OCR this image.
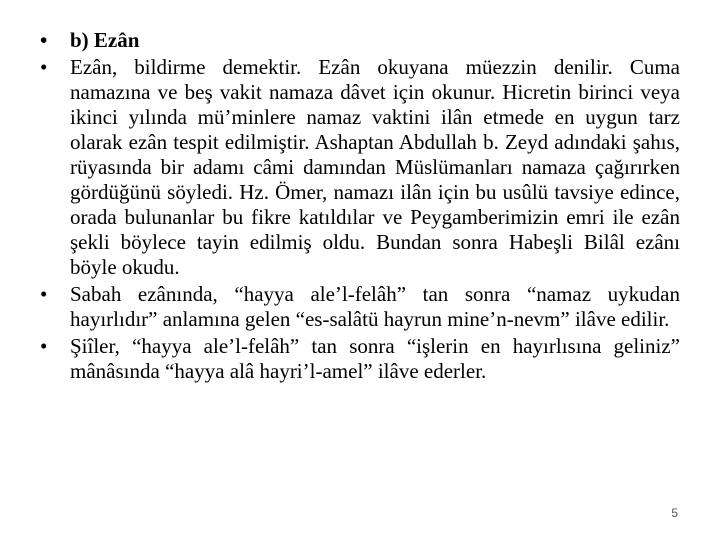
•	b) Ezân
•	Ezân, bildirme demektir. Ezân okuyana müezzin denilir. Cuma namazına ve beş vakit namaza dâvet için okunur. Hicretin birinci veya ikinci yılında mü’minlere namaz vaktini ilân etmede en uygun tarz olarak ezân tespit edilmiştir. Ashaptan Abdullah b. Zeyd adındaki şahıs, rüyasında bir adamı câmi damından Müslümanları namaza çağırırken gördüğünü söyledi. Hz. Ömer, namazı ilân için bu usûlü tavsiye edince, orada bulunanlar bu fikre katıldılar ve Peygamberimizin emri ile ezân şekli böylece tayin edilmiş oldu. Bundan sonra Habeşli Bilâl ezânı böyle okudu.
•	Sabah ezânında, “hayya ale’l-felâh” tan sonra “namaz uykudan hayırlıdır” anlamına gelen “es-salâtü hayrun mine’n-nevm” ilâve edilir.
•	Şiîler, “hayya ale’l-felâh” tan sonra “işlerin en hayırlısına geliniz” mânâsında “hayya alâ hayri’l-amel” ilâve ederler.
5
